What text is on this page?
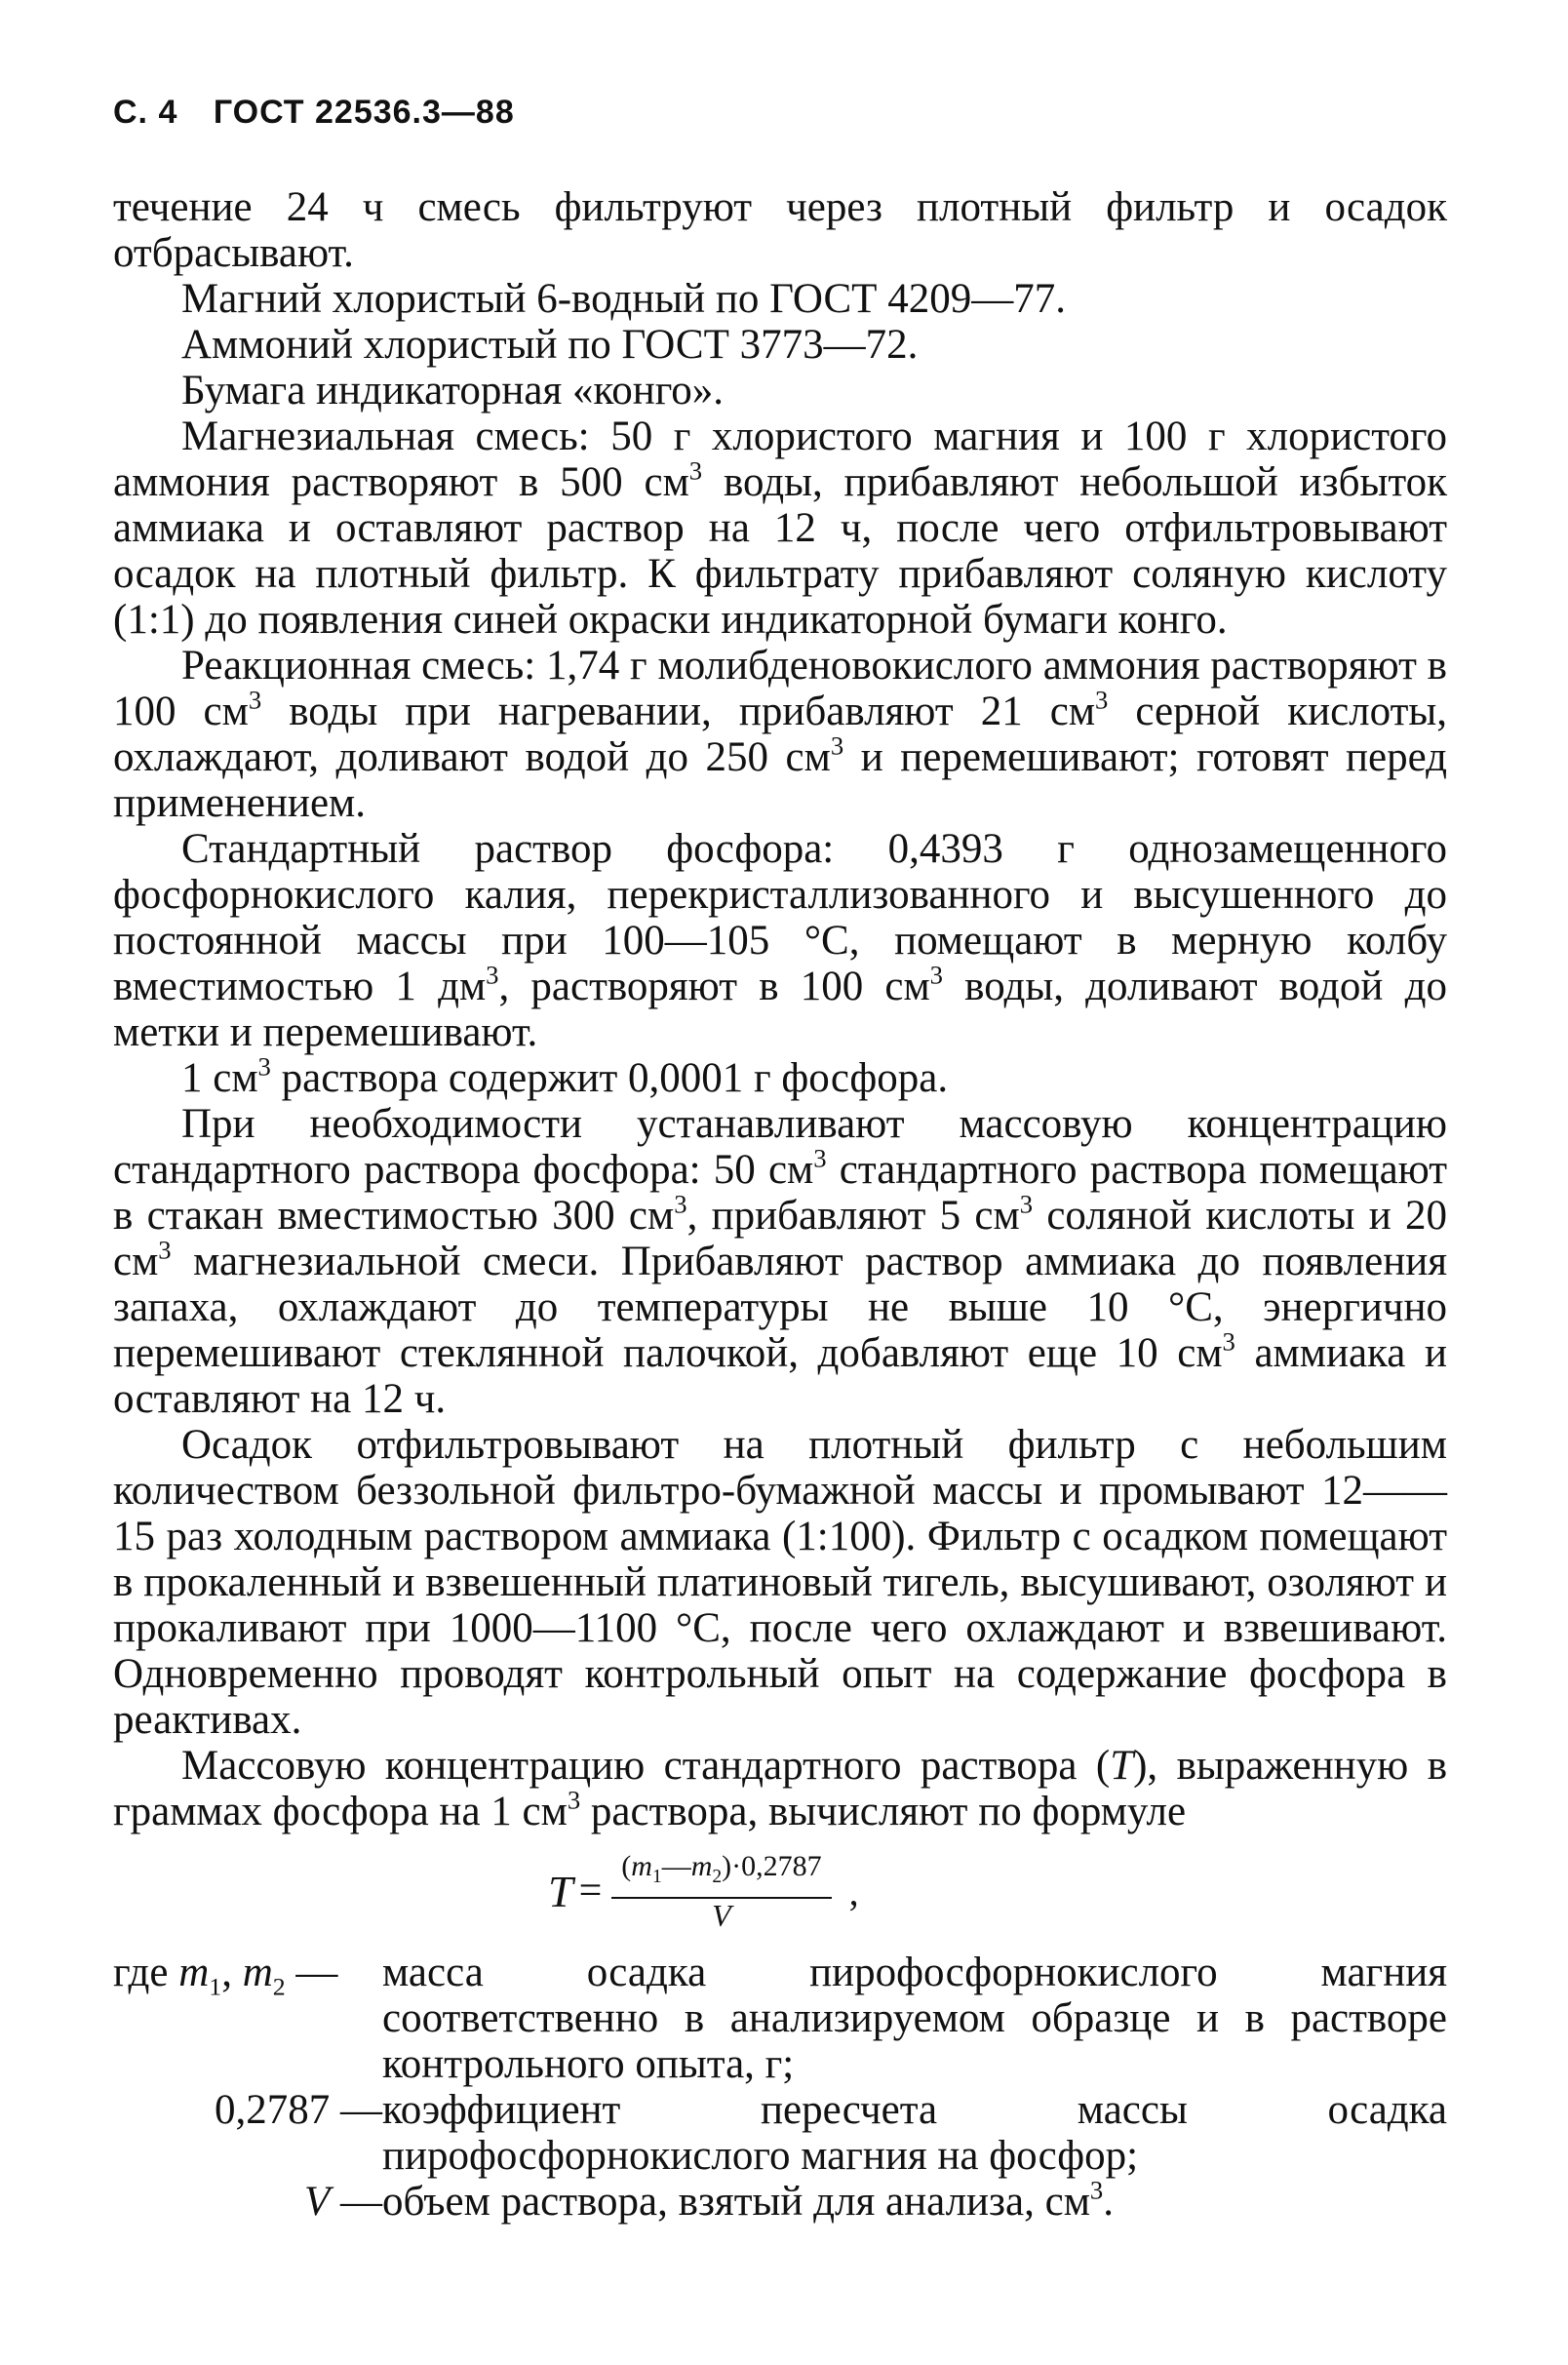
С. 4 ГОСТ 22536.3—88

течение 24 ч смесь фильтруют через плотный фильтр и осадок отбрасывают.

Магний хлористый 6-водный по ГОСТ 4209—77.

Аммоний хлористый по ГОСТ 3773—72.

Бумага индикаторная «конго».

Магнезиальная смесь: 50 г хлористого магния и 100 г хлористого аммония растворяют в 500 $см^3$ воды, прибавляют небольшой избыток аммиака и оставляют раствор на 12 ч, после чего отфильтровывают осадок на плотный фильтр. К фильтрату прибавляют соляную кислоту (1:1) до появления синей окраски индикаторной бумаги конго.

Реакционная смесь: 1,74 г молибденовокислого аммония растворяют в 100 $см^3$ воды при нагревании, прибавляют 21 $см^3$ серной кислоты, охлаждают, доливают водой до 250 $см^3$ и перемешивают; готовят перед применением.

Стандартный раствор фосфора: 0,4393 г однозамещенного фосфорнокислого калия, перекристаллизованного и высушенного до постоянной массы при 100—105 °С, помещают в мерную колбу вместимостью 1 $дм^3$, растворяют в 100 $см^3$ воды, доливают водой до метки и перемешивают.

1 $см^3$ раствора содержит 0,0001 г фосфора.

При необходимости устанавливают массовую концентрацию стандартного раствора фосфора: 50 $см^3$ стандартного раствора помещают в стакан вместимостью 300 $см^3$, прибавляют 5 $см^3$ соляной кислоты и 20 $см^3$ магнезиальной смеси. Прибавляют раствор аммиака до появления запаха, охлаждают до температуры не выше 10 °С, энергично перемешивают стеклянной палочкой, добавляют еще 10 $см^3$ аммиака и оставляют на 12 ч.

Осадок отфильтровывают на плотный фильтр с небольшим количеством беззольной фильтро-бумажной массы и промывают 12——15 раз холодным раствором аммиака (1:100). Фильтр с осадком помещают в прокаленный и взвешенный платиновый тигель, высушивают, озоляют и прокаливают при 1000—1100 °С, после чего охлаждают и взвешивают. Одновременно проводят контрольный опыт на содержание фосфора в реактивах.

Массовую концентрацию стандартного раствора (Т), выраженную в граммах фосфора на 1 $см^3$ раствора, вычисляют по формуле

$T = \frac{(m_1—m_2)\cdot 0,2787}{V}$ ,
где $m_1$, $m_2$ —	масса осадка пирофосфорнокислого магния соответственно в анализируемом образце и в растворе контрольного опыта, г;
0,2787 — коэффициент пересчета массы осадка пирофосфорнокислого магния на фосфор;
V — объем раствора, взятый для анализа, $см^3$.
